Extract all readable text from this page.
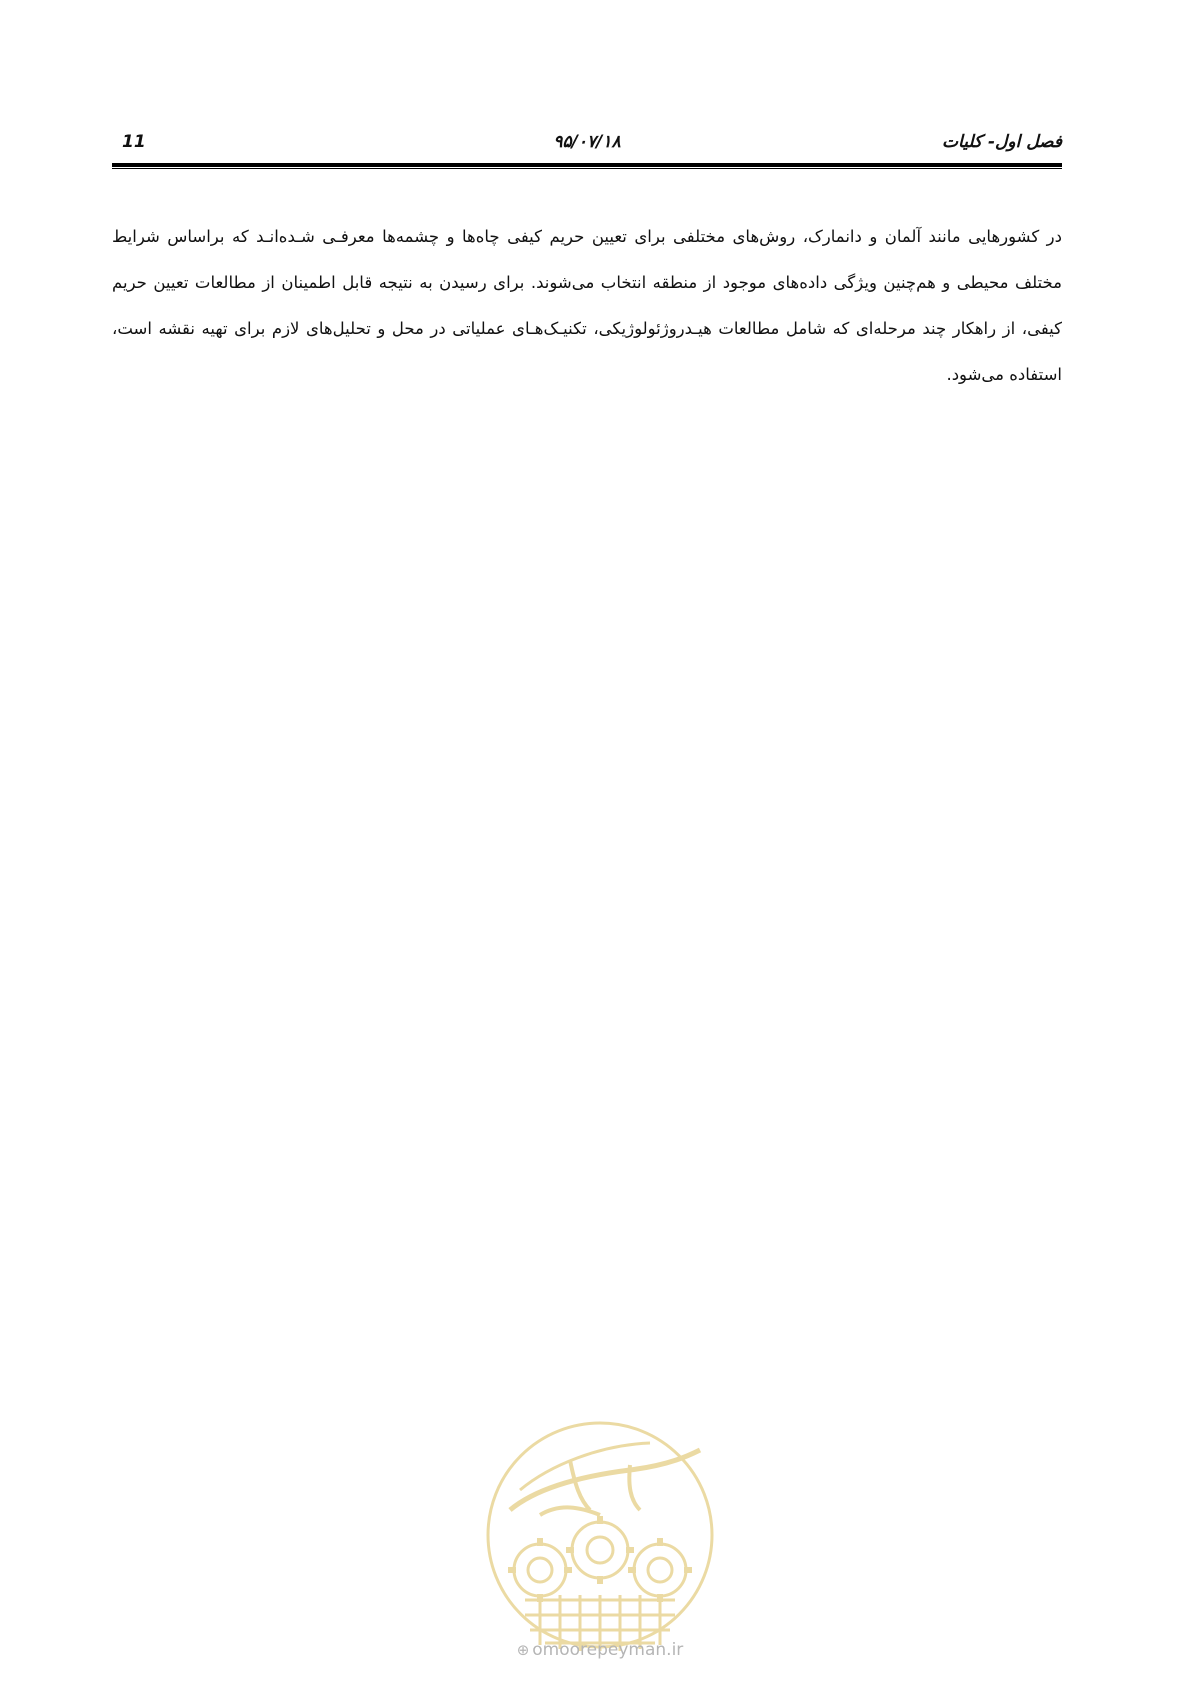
فصل اول- کلیات
۹۵/۰۷/۱۸
11

در کشورهایی مانند آلمان و دانمارک، روش‌های مختلفی برای تعیین حریم کیفی چاه‌ها و چشمه‌ها معرفـی شـده‌انـد که براساس شرایط مختلف محیطی و هم‌چنین ویژگی داده‌های موجود از منطقه انتخاب می‌شوند. برای رسیدن به نتیجه قابل اطمینان از مطالعات تعیین حریم کیفی، از راهکار چند مرحله‌ای که شامل مطالعات هیـدروژئولوژیکی، تکنیـک‌هـای عملیاتی در محل و تحلیل‌های لازم برای تهیه نقشه است، استفاده می‌شود.

⊕ omoorepeyman.ir
